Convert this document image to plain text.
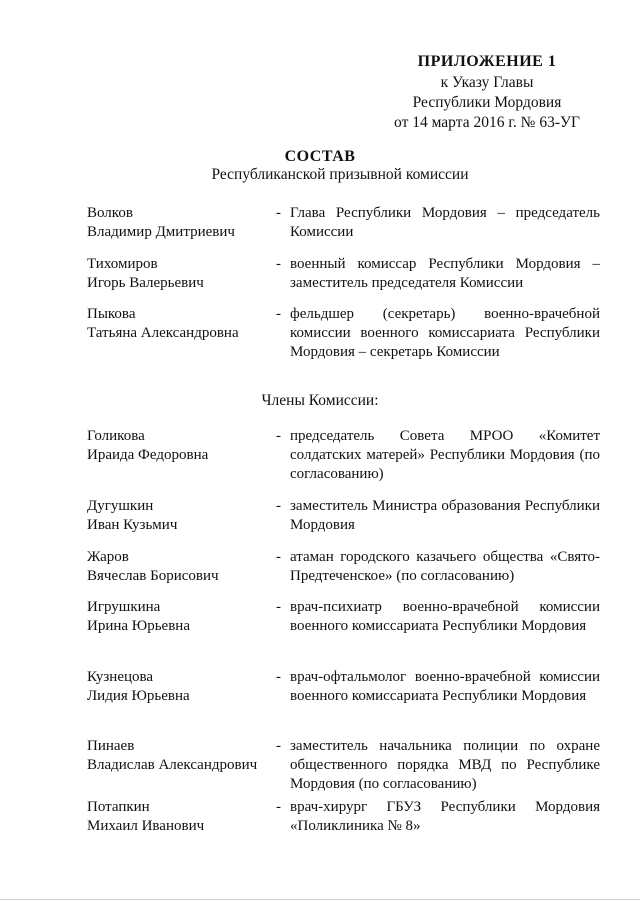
ПРИЛОЖЕНИЕ 1
к Указу Главы
Республики Мордовия
от 14 марта 2016 г. № 63-УГ
СОСТАВ
Республиканской призывной комиссии
Волков
Владимир Дмитриевич
- Глава Республики Мордовия – председатель Комиссии
Тихомиров
Игорь Валерьевич
- военный комиссар Республики Мордовия – заместитель председателя Комиссии
Пыкова
Татьяна Александровна
- фельдшер (секретарь) военно-врачебной комиссии военного комиссариата Республики Мордовия – секретарь Комиссии
Члены Комиссии:
Голикова
Ираида Федоровна
- председатель Совета МРОО «Комитет солдатских матерей» Республики Мордовия (по согласованию)
Дугушкин
Иван Кузьмич
- заместитель Министра образования Республики Мордовия
Жаров
Вячеслав Борисович
- атаман городского казачьего общества «Свято-Предтеченское» (по согласованию)
Игрушкина
Ирина Юрьевна
- врач-психиатр военно-врачебной комиссии военного комиссариата Республики Мордовия
Кузнецова
Лидия Юрьевна
- врач-офтальмолог военно-врачебной комиссии военного комиссариата Республики Мордовия
Пинаев
Владислав Александрович
- заместитель начальника полиции по охране общественного порядка МВД по Республике Мордовия (по согласованию)
Потапкин
Михаил Иванович
- врач-хирург ГБУЗ Республики Мордовия «Поликлиника № 8»
